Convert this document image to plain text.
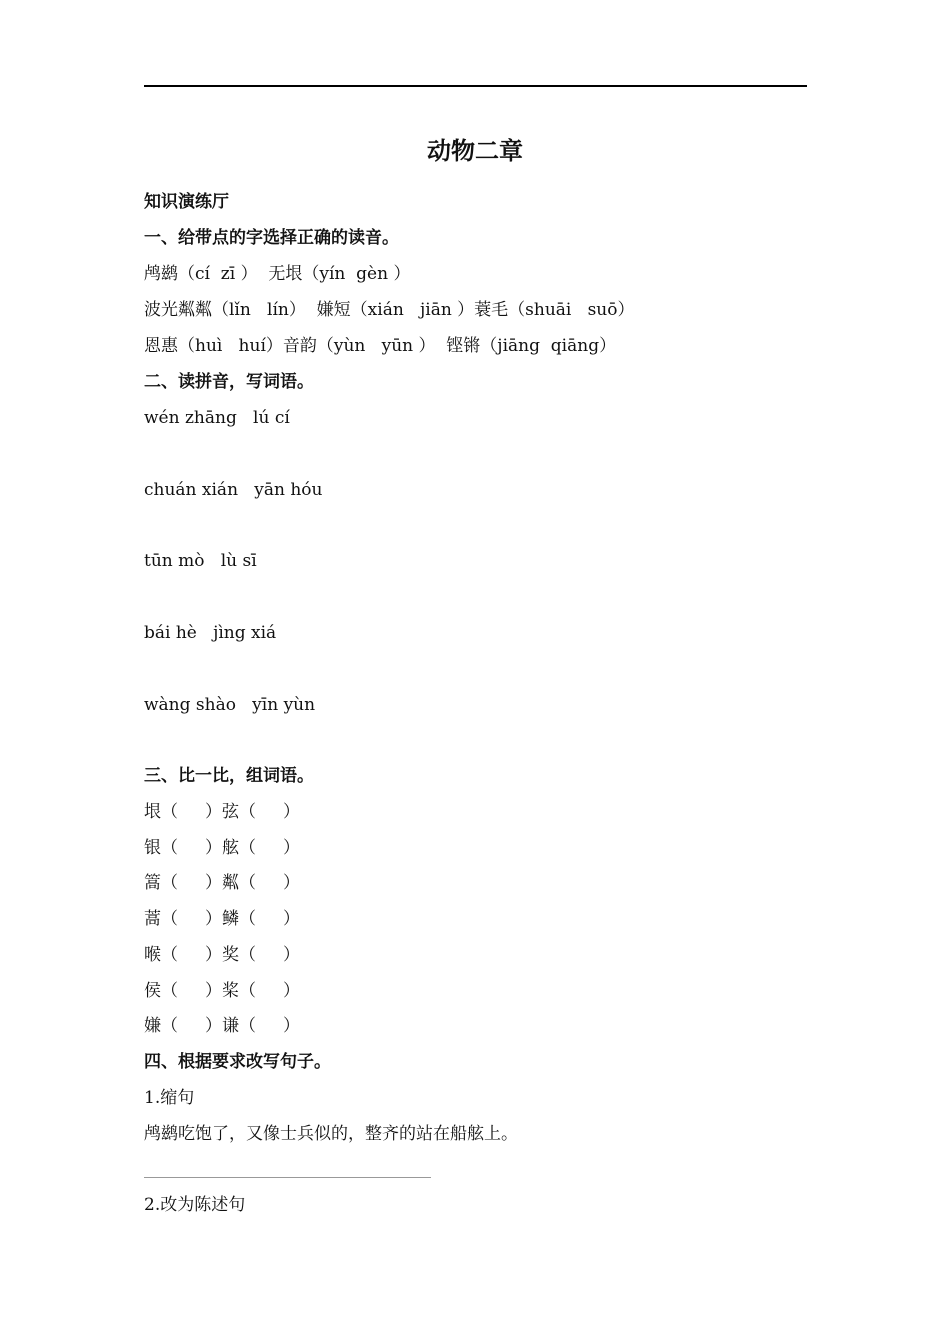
动物二章
知识演练厅
一、给带点的字选择正确的读音。
鸬鹚（cí  zī ）  无垠（yín  gèn ）
波光粼粼（lǐn   lín）  嫌短（xián   jiān ）蓑毛（shuāi   suō）
恩惠（huì   huí）音韵（yùn   yūn ）  铿锵（jiāng  qiāng）
二、读拼音，写词语。
wén zhāng   lú cí
chuán xián   yān hóu
tūn mò   lù sī
bái hè   jìng xiá
wàng shào   yīn yùn
三、比一比，组词语。
垠（     ）弦（     ）
银（     ）舷（     ）
篙（     ）粼（     ）
蒿（     ）鳞（     ）
喉（     ）奖（     ）
侯（     ）桨（     ）
嫌（     ）谦（     ）
四、根据要求改写句子。
1.缩句
鸬鹚吃饱了，又像士兵似的，整齐的站在船舷上。
2.改为陈述句
